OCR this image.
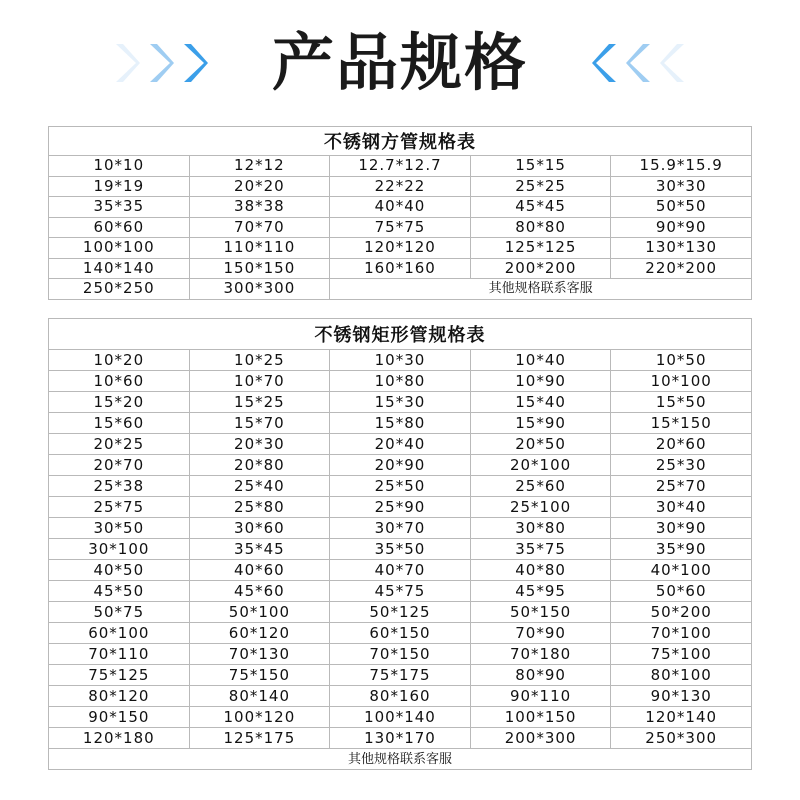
产品规格
不锈钢方管规格表				
10*10	12*12	12.7*12.7	15*15	15.9*15.9
19*19	20*20	22*22	25*25	30*30
35*35	38*38	40*40	45*45	50*50
60*60	70*70	75*75	80*80	90*90
100*100	110*110	120*120	125*125	130*130
140*140	150*150	160*160	200*200	220*200
250*250	300*300	其他规格联系客服		
不锈钢矩形管规格表				
10*20	10*25	10*30	10*40	10*50
10*60	10*70	10*80	10*90	10*100
15*20	15*25	15*30	15*40	15*50
15*60	15*70	15*80	15*90	15*150
20*25	20*30	20*40	20*50	20*60
20*70	20*80	20*90	20*100	25*30
25*38	25*40	25*50	25*60	25*70
25*75	25*80	25*90	25*100	30*40
30*50	30*60	30*70	30*80	30*90
30*100	35*45	35*50	35*75	35*90
40*50	40*60	40*70	40*80	40*100
45*50	45*60	45*75	45*95	50*60
50*75	50*100	50*125	50*150	50*200
60*100	60*120	60*150	70*90	70*100
70*110	70*130	70*150	70*180	75*100
75*125	75*150	75*175	80*90	80*100
80*120	80*140	80*160	90*110	90*130
90*150	100*120	100*140	100*150	120*140
120*180	125*175	130*170	200*300	250*300
其他规格联系客服				
